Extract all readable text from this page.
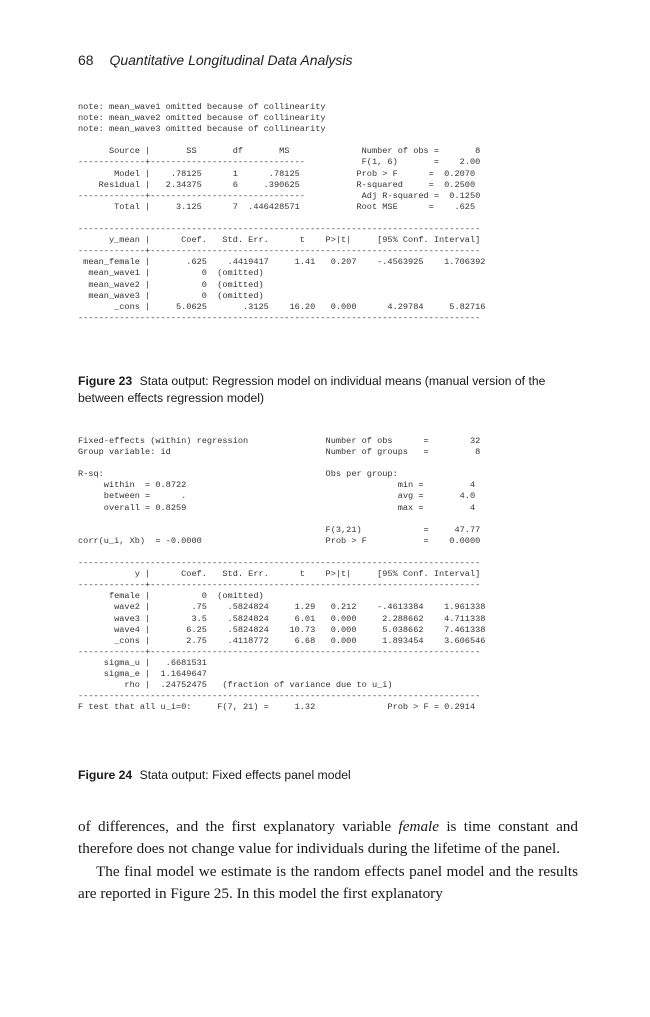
68 Quantitative Longitudinal Data Analysis
note: mean_wave1 omitted because of collinearity
note: mean_wave2 omitted because of collinearity
note: mean_wave3 omitted because of collinearity

Source |       SS       df       MS              Number of obs =       8
-------------+------------------------------           F(1, 6)       =    2.00
Model |    .78125      1      .78125           Prob > F      =  0.2070
Residual |   2.34375      6     .390625           R-squared     =  0.2500
-------------+------------------------------           Adj R-squared =  0.1250
Total |     3.125      7  .446428571           Root MSE      =    .625

------------------------------------------------------------------------------
y_mean |      Coef.   Std. Err.      t    P>|t|     [95% Conf. Interval]
-------------+----------------------------------------------------------------
mean_female |       .625    .4419417     1.41   0.207    -.4563925    1.706392
mean_wave1 |          0  (omitted)
mean_wave2 |          0  (omitted)
mean_wave3 |          0  (omitted)
_cons |     5.0625       .3125    16.20   0.000      4.29784     5.82716
------------------------------------------------------------------------------
Figure 23 Stata output: Regression model on individual means (manual version of the between effects regression model)
Fixed-effects (within) regression               Number of obs      =        32
Group variable: id                              Number of groups   =         8

R-sq:                                           Obs per group:
within  = 0.8722                                         min =         4
between =      .                                         avg =       4.0
overall = 0.8259                                         max =         4

F(3,21)            =     47.77
corr(u_i, Xb)  = -0.0000                        Prob > F           =    0.0000

------------------------------------------------------------------------------
y |      Coef.   Std. Err.      t    P>|t|     [95% Conf. Interval]
-------------+----------------------------------------------------------------
female |          0  (omitted)
wave2 |        .75    .5824824     1.29   0.212    -.4613384    1.961338
wave3 |        3.5    .5824824     6.01   0.000     2.288662    4.711338
wave4 |       6.25    .5824824    10.73   0.000     5.038662    7.461338
_cons |       2.75    .4118772     6.68   0.000     1.893454    3.606546
-------------+----------------------------------------------------------------
sigma_u |   .6681531
sigma_e |  1.1649647
rho |  .24752475   (fraction of variance due to u_i)
------------------------------------------------------------------------------
F test that all u_i=0:     F(7, 21) =     1.32              Prob > F = 0.2914
Figure 24 Stata output: Fixed effects panel model

of differences, and the first explanatory variable female is time constant and therefore does not change value for individuals during the lifetime of the panel.

The final model we estimate is the random effects panel model and the results are reported in Figure 25. In this model the first explanatory
